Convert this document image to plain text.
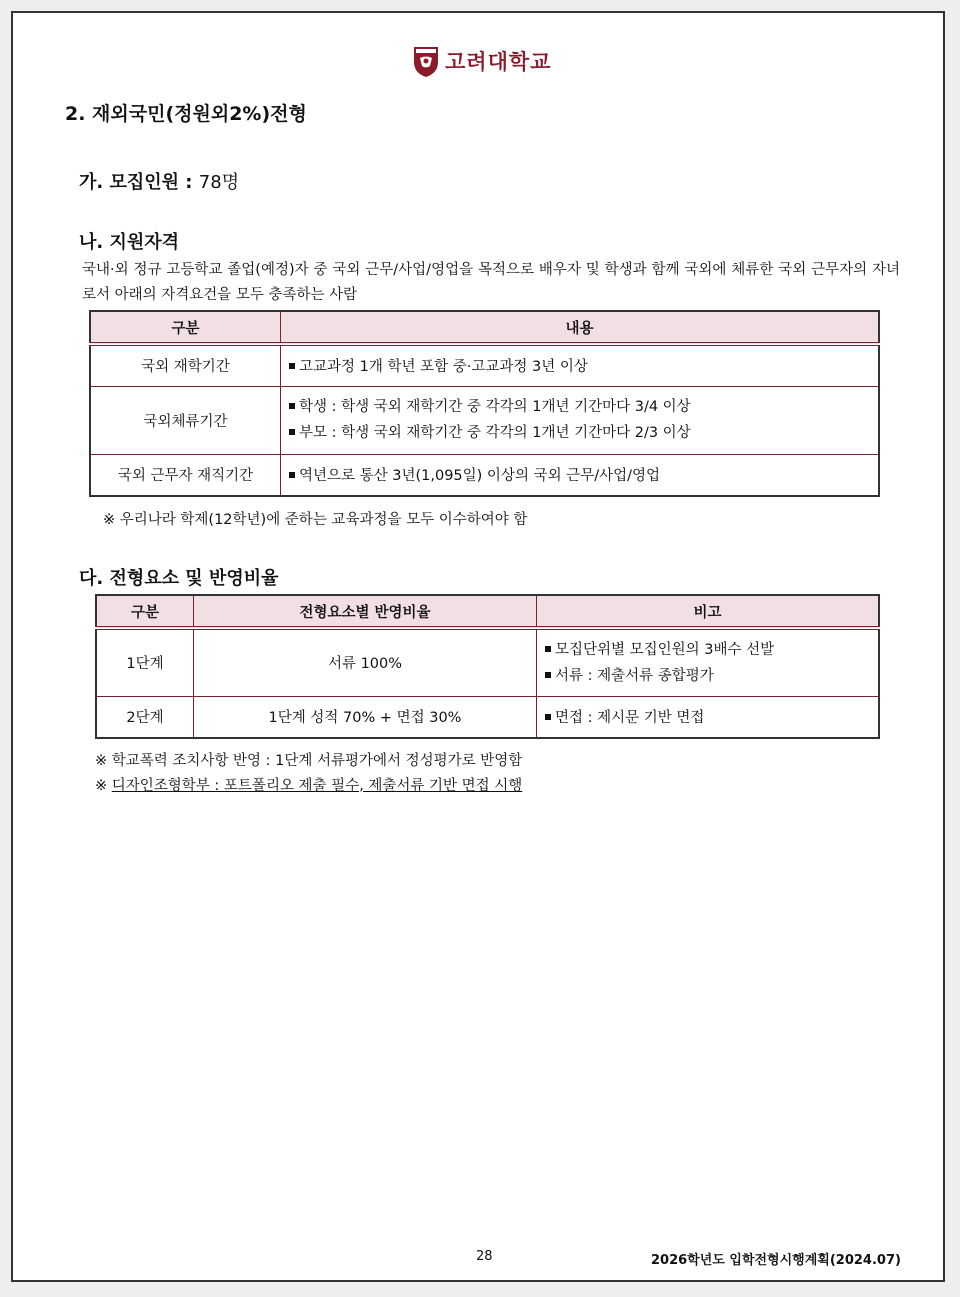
고려대학교
2. 재외국민(정원외2%)전형
가. 모집인원 : 78명
나. 지원자격
국내·외 정규 고등학교 졸업(예정)자 중 국외 근무/사업/영업을 목적으로 배우자 및 학생과 함께 국외에 체류한 국외 근무자의 자녀로서 아래의 자격요건을 모두 충족하는 사람
구분	내용
국외 재학기간	고교과정 1개 학년 포함 중·고교과정 3년 이상

국외체류기간	학생 : 학생 국외 재학기간 중 각각의 1개년 기간마다 3/4 이상
부모 : 학생 국외 재학기간 중 각각의 1개년 기간마다 2/3 이상

국외 근무자 재직기간	역년으로 통산 3년(1,095일) 이상의 국외 근무/사업/영업
※ 우리나라 학제(12학년)에 준하는 교육과정을 모두 이수하여야 함
다. 전형요소 및 반영비율
구분	전형요소별 반영비율	비고
1단계	서류 100%	모집단위별 모집인원의 3배수 선발
서류 : 제출서류 종합평가

2단계	1단계 성적 70% + 면접 30%	면접 : 제시문 기반 면접
※ 학교폭력 조치사항 반영 : 1단계 서류평가에서 정성평가로 반영함
※ 디자인조형학부 : 포트폴리오 제출 필수, 제출서류 기반 면접 시행
28	2026학년도 입학전형시행계획(2024.07)
